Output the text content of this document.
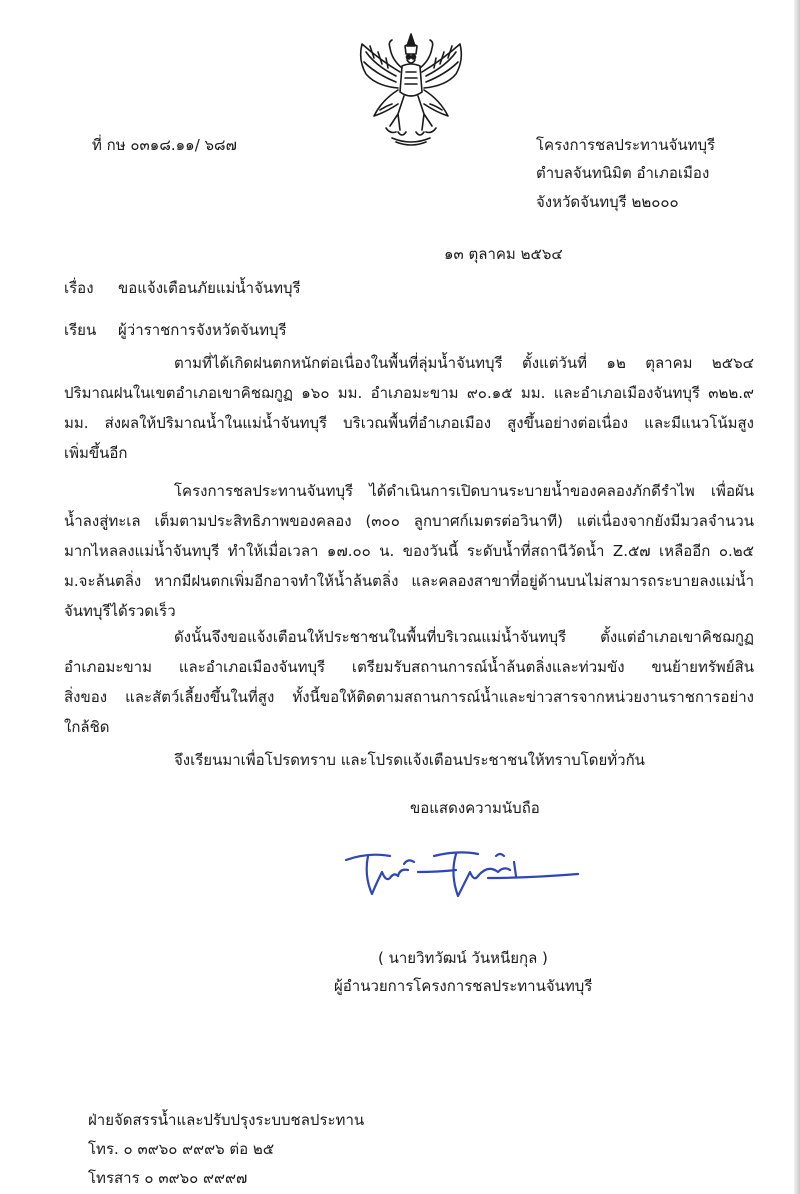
ที่ กษ ๐๓๑๘.๑๑/ ๖๘๗	โครงการชลประทานจันทบุรี
ตำบลจันทนิมิต อำเภอเมือง
จังหวัดจันทบุรี ๒๒๐๐๐
๑๓ ตุลาคม ๒๕๖๔
เรื่อง ขอแจ้งเตือนภัยแม่น้ำจันทบุรี
เรียน ผู้ว่าราชการจังหวัดจันทบุรี
ตามที่ได้เกิดฝนตกหนักต่อเนื่องในพื้นที่ลุ่มน้ำจันทบุรี ตั้งแต่วันที่ ๑๒ ตุลาคม ๒๕๖๔
ปริมาณฝนในเขตอำเภอเขาคิชฌกูฏ ๑๖๐ มม. อำเภอมะขาม ๙๐.๑๕ มม. และอำเภอเมืองจันทบุรี ๓๒๒.๙
มม. ส่งผลให้ปริมาณน้ำในแม่น้ำจันทบุรี บริเวณพื้นที่อำเภอเมือง สูงขึ้นอย่างต่อเนื่อง และมีแนวโน้มสูง
เพิ่มขึ้นอีก
โครงการชลประทานจันทบุรี ได้ดำเนินการเปิดบานระบายน้ำของคลองภักดีรำไพ เพื่อผัน
น้ำลงสู่ทะเล เต็มตามประสิทธิภาพของคลอง (๓๐๐ ลูกบาศก์เมตรต่อวินาที) แต่เนื่องจากยังมีมวลจำนวน
มากไหลลงแม่น้ำจันทบุรี ทำให้เมื่อเวลา ๑๗.๐๐ น. ของวันนี้ ระดับน้ำที่สถานีวัดน้ำ Z.๕๗ เหลืออีก ๐.๒๕
ม.จะล้นตลิ่ง หากมีฝนตกเพิ่มอีกอาจทำให้น้ำล้นตลิ่ง และคลองสาขาที่อยู่ด้านบนไม่สามารถระบายลงแม่น้ำ
จันทบุรีได้รวดเร็ว
ดังนั้นจึงขอแจ้งเตือนให้ประชาชนในพื้นที่บริเวณแม่น้ำจันทบุรี ตั้งแต่อำเภอเขาคิชฌกูฏ
อำเภอมะขาม และอำเภอเมืองจันทบุรี เตรียมรับสถานการณ์น้ำล้นตลิ่งและท่วมขัง ขนย้ายทรัพย์สิน
สิ่งของ และสัตว์เลี้ยงขึ้นในที่สูง ทั้งนี้ขอให้ติดตามสถานการณ์น้ำและข่าวสารจากหน่วยงานราชการอย่าง
ใกล้ชิด
จึงเรียนมาเพื่อโปรดทราบ และโปรดแจ้งเตือนประชาชนให้ทราบโดยทั่วกัน
ขอแสดงความนับถือ
( นายวิทวัฒน์ วันหนียกุล )
ผู้อำนวยการโครงการชลประทานจันทบุรี
ฝ่ายจัดสรรน้ำและปรับปรุงระบบชลประทาน
โทร. ๐ ๓๙๖๐ ๙๙๙๖ ต่อ ๒๕
โทรสาร ๐ ๓๙๖๐ ๙๙๙๗
